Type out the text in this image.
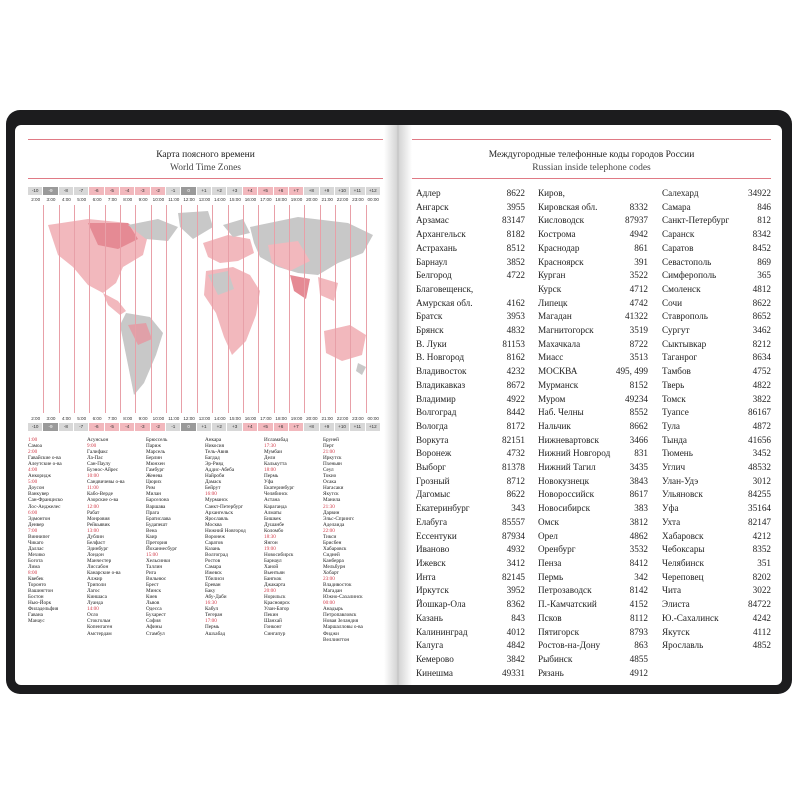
Карта поясного времени
World Time Zones
-10	-9	-8	-7	-6	-5	-4	-3	-2	-1	0	+1	+2	+3	+4	+5	+6	+7	+8	+9	+10	+11	+12
2:00	3:00	4:00	5:00	6:00	7:00	8:00	9:00	10:00 11:00 12:00 13:00 14:00 15:00 16:00 17:00 18:00 19:00 20:00 21:00 22:00 23:00 00:00
2:00	3:00	4:00	5:00	6:00	7:00	8:00	9:00	10:00 11:00 12:00 13:00 14:00 15:00 16:00 17:00 18:00 19:00 20:00 21:00 22:00 23:00 00:00
-10	-9	-8	-7	-6	-5	-4	-3	-2	-1	0	+1	+2	+3	+4	+5	+6	+7	+8	+9	+10	+11	+12
1:00
Самоа
2:00
Гавайские о-ва
Алеутские о-ва
4:00
Анкоридж
5:00
Доусон
Ванкувер
Сан-Франциско
Лос-Анджелес
6:00
Эдмонтон
Денвер
7:00
Виннипег
Чикаго
Даллас
Мехико
Богота
Лима
8:00
Квебек
Торонто
Вашингтон
Бостон
Нью-Йорк
Филадельфия
Гавана
Манаус
Асунсьон
9:00
Галифакс
Ла-Пас
Сан-Паулу
Буэнос-Айрес
10:00
Сандвичевы о-ва
11:00
Кабо-Верде
Азорские о-ва
12:00
Рабат
Монровия
Рейкьявик
13:00
Дублин
Белфаст
Эдинбург
Лондон
Манчестер
Лиссабон
Канарские о-ва
Алжир
Триполи
Лагос
Киншаса
Луанда
14:00
Осло
Стокгольм
Копенгаген
Амстердам
Брюссель
Париж
Марсель
Берлин
Мюнхен
Гамбург
Женева
Цюрих
Рим
Милан
Барселона
Варшава
Прага
Братислава
Будапешт
Вена
Каир
Претория
Йоханнесбург
15:00
Хельсинки
Таллин
Рига
Вильнюс
Брест
Минск
Киев
Львов
Одесса
Бухарест
София
Афины
Стамбул
Анкара
Никосия
Тель-Авив
Багдад
Эр-Рияд
Аддис-Абеба
Найроби
Дамаск
Бейрут
16:00
Мурманск
Санкт-Петербург
Архангельск
Ярославль
Москва
Нижний Новгород
Воронеж
Саратов
Казань
Волгоград
Ростов
Самара
Ижевск
Тбилиси
Ереван
Баку
Абу-Даби
16:30
Кабул
Тегеран
17:00
Пермь
Ашхабад
Исламабад
17:30
Мумбаи
Дели
Калькутта
18:00
Пермь
Уфа
Екатеринбург
Челябинск
Астана
Караганда
Алматы
Бишкек
Душанбе
Коломбо
18:30
Янгон
19:00
Новосибирск
Барнаул
Ханой
Вьентьян
Бангкок
Джакарта
20:00
Норильск
Красноярск
Улан-Батор
Пекин
Шанхай
Гонконг
Сингапур
Бруней
Перт
21:00
Иркутск
Пхеньян
Сеул
Токио
Осака
Нагасаки
Якутск
Манила
21:30
Дарвин
Эльс-Спрингс
Аделаида
22:00
Тикси
Брисбен
Хабаровск
Сидней
Канберра
Мельбурн
Хобарт
23:00
Владивосток
Магадан
Южно-Сахалинск
00:00
Анадырь
Петропавловск
Новая Зеландия
Маршалловы о-ва
Фиджи
Веллингтон
Междугородные телефонные коды городов России
Russian inside telephone codes
Адлер	8622
Ангарск	3955
Арзамас	83147
Архангельск	8182
Астрахань	8512
Барнаул	3852
Белгород	4722
Благовещенск,
Амурская обл.	4162
Братск	3953
Брянск	4832
В. Луки	81153
В. Новгород	8162
Владивосток	4232
Владикавказ	8672
Владимир	4922
Волгоград	8442
Вологда	8172
Воркута	82151
Воронеж	4732
Выборг	81378
Грозный	8712
Дагомыс	8622
Екатеринбург	343
Елабуга	85557
Ессентуки	87934
Иваново	4932
Ижевск	3412
Инта	82145
Иркутск	3952
Йошкар-Ола	8362
Казань	843
Калининград	4012
Калуга	4842
Кемерово	3842
Кинешма	49331
Киров,
Кировская обл.	8332
Кисловодск	87937
Кострома	4942
Краснодар	861
Красноярск	391
Курган	3522
Курск	4712
Липецк	4742
Магадан	41322
Магнитогорск	3519
Махачкала	8722
Миасс	3513
МОСКВА	495, 499
Мурманск	8152
Муром	49234
Наб. Челны	8552
Нальчик	8662
Нижневартовск	3466
Нижний Новгород	831
Нижний Тагил	3435
Новокузнецк	3843
Новороссийск	8617
Новосибирск	383
Омск	3812
Орел	4862
Оренбург	3532
Пенза	8412
Пермь	342
Петрозаводск	8142
П.-Камчатский	4152
Псков	8112
Пятигорск	8793
Ростов-на-Дону	863
Рыбинск	4855
Рязань	4912
Салехард	34922
Самара	846
Санкт-Петербург	812
Саранск	8342
Саратов	8452
Севастополь	869
Симферополь	365
Смоленск	4812
Сочи	8622
Ставрополь	8652
Сургут	3462
Сыктывкар	8212
Таганрог	8634
Тамбов	4752
Тверь	4822
Томск	3822
Туапсе	86167
Тула	4872
Тында	41656
Тюмень	3452
Углич	48532
Улан-Удэ	3012
Ульяновск	84255
Уфа	35164
Ухта	82147
Хабаровск	4212
Чебоксары	8352
Челябинск	351
Череповец	8202
Чита	3022
Элиста	84722
Ю.-Сахалинск	4242
Якутск	4112
Ярославль	4852
